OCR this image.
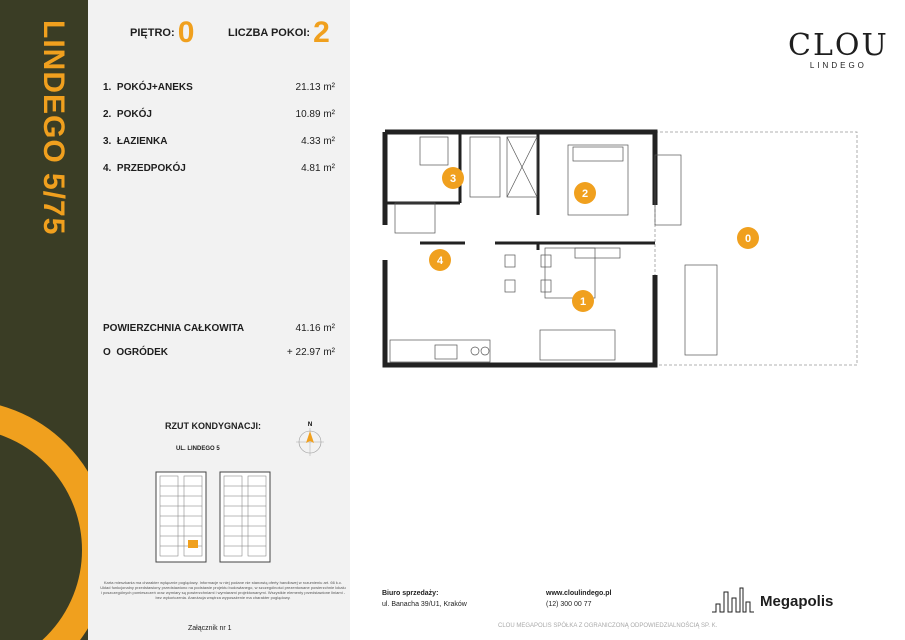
LINDEGO 5/75	PIĘTRO: 0	LICZBA POKOI: 2
1. POKÓJ+ANEKS	21.13 m²
2. POKÓJ	10.89 m²
3. ŁAZIENKA	4.33 m²
4. PRZEDPOKÓJ	4.81 m²
POWIERZCHNIA CAŁKOWITA	41.16 m²
O OGRÓDEK	+ 22.97 m²
RZUT KONDYGNACJI:
UL. LINDEGO 5
N
Karta mieszkania ma charakter wyłącznie poglądowy. Informacje w niej podane nie stanowią oferty handlowej w rozumieniu art. 66 k.c. Układ funkcjonalny przedstawiony przedstawiono na podstawie projektu budowlanego, w szczególności prezentowane powierzchnie lokalu i poszczególnych pomieszczeń oraz wymiary są powierzchniami i wymiarami projektowanymi. Wszystkie elementy przedstawione liniami - bez wykończenia. Aranżacja wnętrza wyposażenie ma charakter poglądowy.
Załącznik nr 1
CLOU
LINDEGO
1
2
3
4
0
Biuro sprzedaży:
ul. Banacha 39/U1, Kraków
www.cloulindego.pl
(12) 300 00 77	Megapolis
CLOU MEGAPOLIS SPÓŁKA Z OGRANICZONĄ ODPOWIEDZIALNOŚCIĄ SP. K.
